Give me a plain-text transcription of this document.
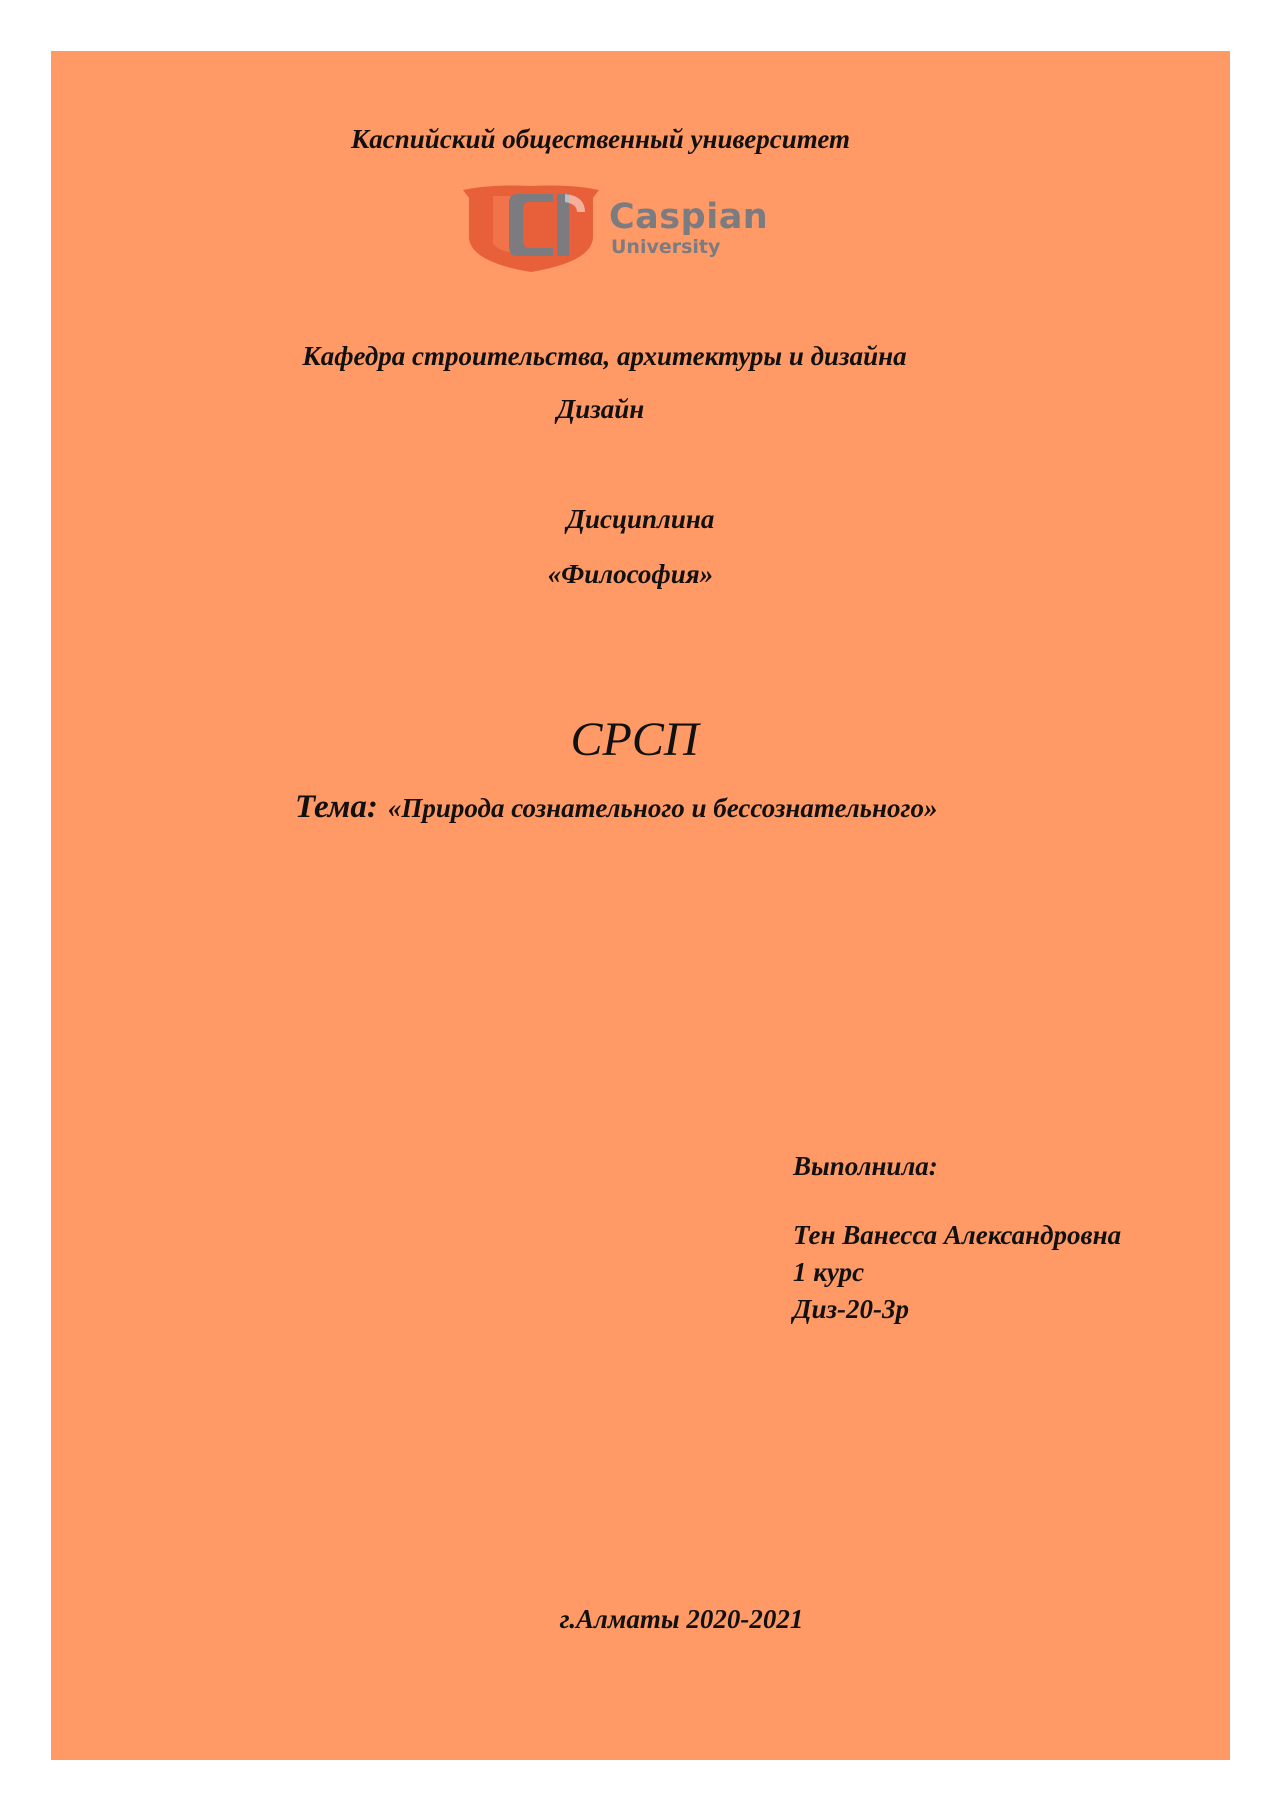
Каспийский общественный университет

Caspian
University

Кафедра строительства, архитектуры и дизайна

Дизайн

Дисциплина

«Философия»

СРСП

Тема: «Природа сознательного и бессознательного»

Выполнила:

Тен Ванесса Александровна

1 курс

Диз-20-3р

г.Алматы 2020-2021
